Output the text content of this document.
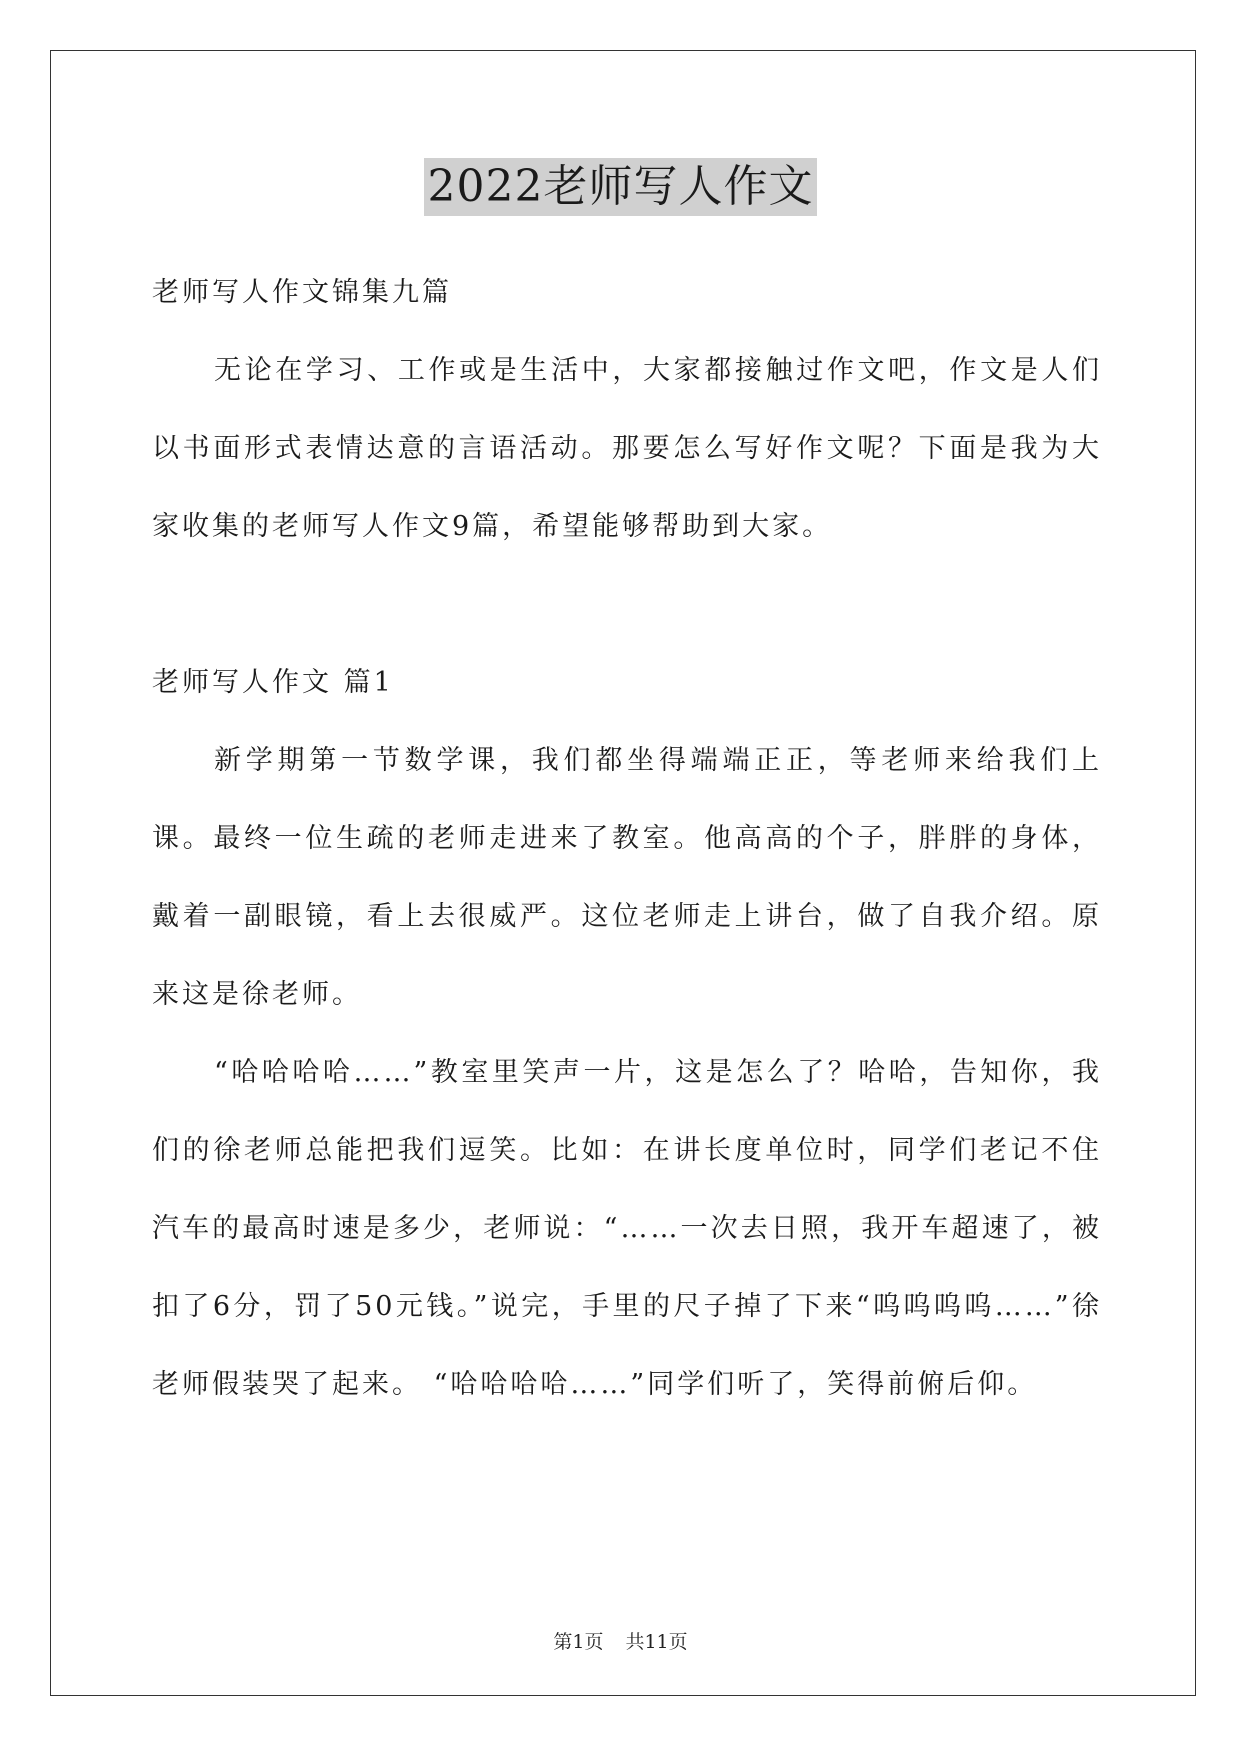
2022老师写人作文

老师写人作文锦集九篇

无论在学习、工作或是生活中，大家都接触过作文吧，作文是人们以书面形式表情达意的言语活动。那要怎么写好作文呢？下面是我为大家收集的老师写人作文9篇，希望能够帮助到大家。

老师写人作文 篇1

新学期第一节数学课，我们都坐得端端正正，等老师来给我们上课。最终一位生疏的老师走进来了教室。他高高的个子，胖胖的身体，戴着一副眼镜，看上去很威严。这位老师走上讲台，做了自我介绍。原来这是徐老师。

“哈哈哈哈……”教室里笑声一片，这是怎么了？哈哈，告知你，我们的徐老师总能把我们逗笑。比如：在讲长度单位时，同学们老记不住汽车的最高时速是多少，老师说：“……一次去日照，我开车超速了，被扣了6分，罚了50元钱。”说完，手里的尺子掉了下来“呜呜呜呜……”徐老师假装哭了起来。 “哈哈哈哈……”同学们听了，笑得前俯后仰。

第1页 共11页
